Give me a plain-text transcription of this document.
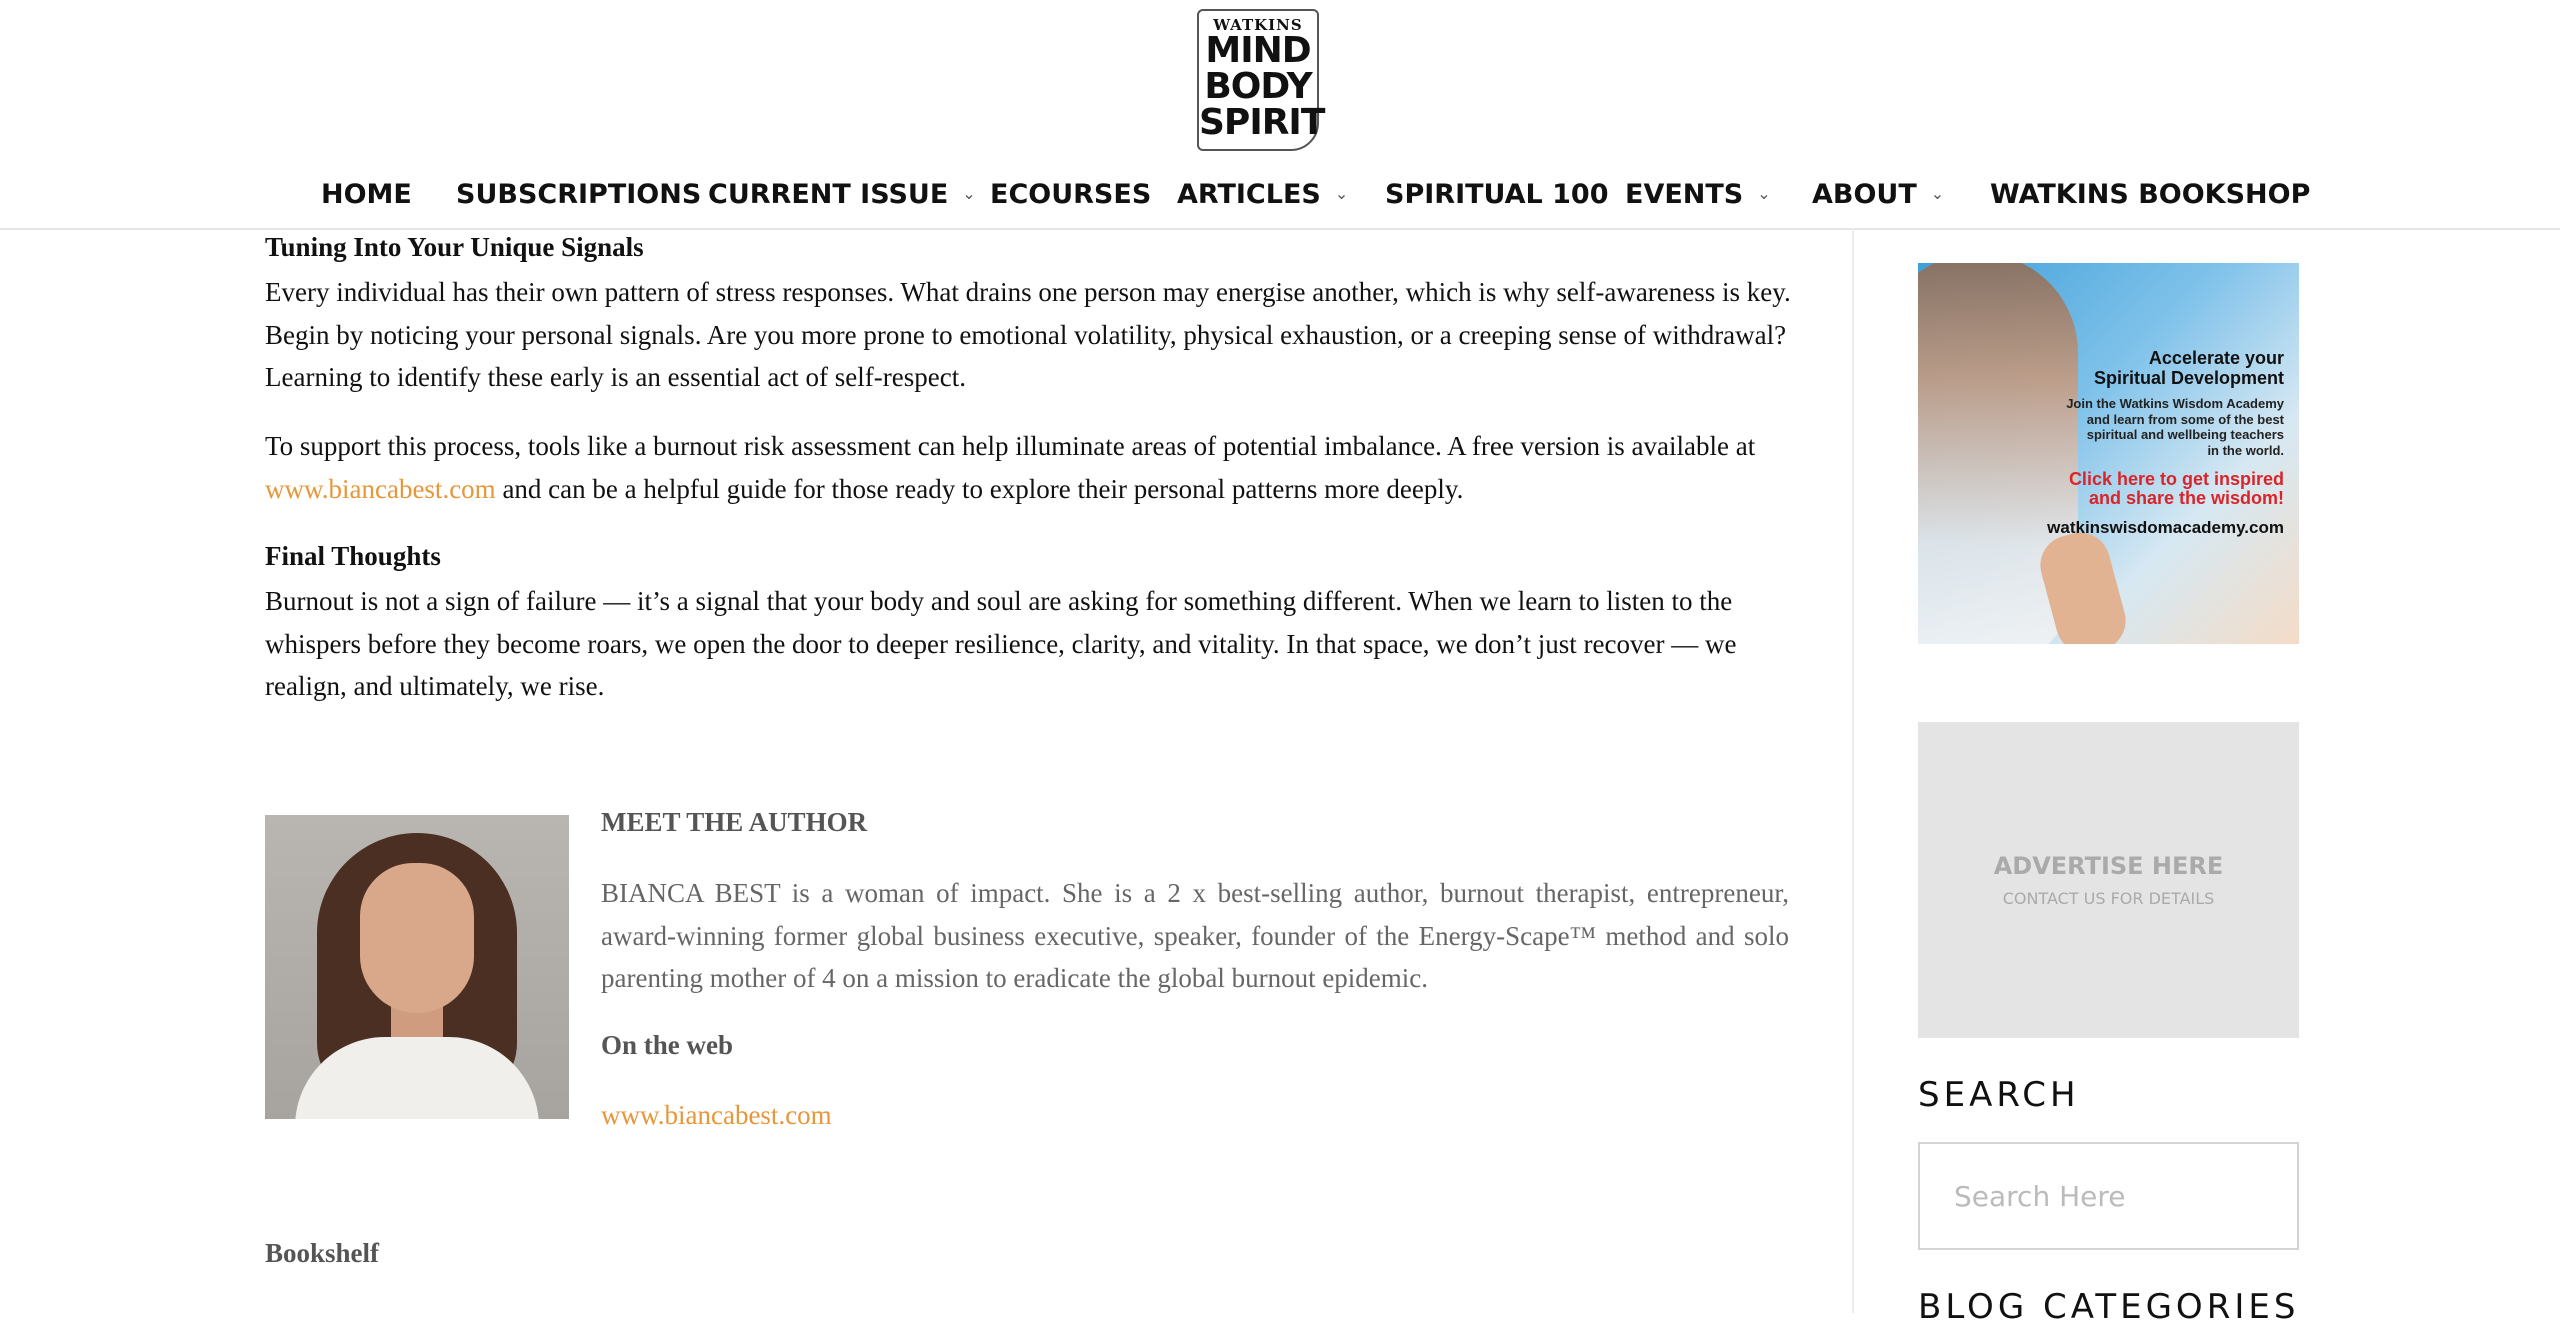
WATKINS
MIND
BODY
SPIRIT
HOME SUBSCRIPTIONS CURRENT ISSUE ⌄ ECOURSES ARTICLES ⌄ SPIRITUAL 100 EVENTS ⌄ ABOUT ⌄ WATKINS BOOKSHOP
Tuning Into Your Unique Signals
Every individual has their own pattern of stress responses. What drains one person may energise another, which is why self-awareness is key. Begin by noticing your personal signals. Are you more prone to emotional volatility, physical exhaustion, or a creeping sense of withdrawal? Learning to identify these early is an essential act of self-respect.
To support this process, tools like a burnout risk assessment can help illuminate areas of potential imbalance. A free version is available at www.biancabest.com and can be a helpful guide for those ready to explore their personal patterns more deeply.
Final Thoughts
Burnout is not a sign of failure — it’s a signal that your body and soul are asking for something different. When we learn to listen to the whispers before they become roars, we open the door to deeper resilience, clarity, and vitality. In that space, we don’t just recover — we realign, and ultimately, we rise.
MEET THE AUTHOR
BIANCA BEST is a woman of impact. She is a 2 x best-selling author, burnout therapist, entrepreneur, award-winning former global business executive, speaker, founder of the Energy-Scape™ method and solo parenting mother of 4 on a mission to eradicate the global burnout epidemic.
On the web
www.biancabest.com
Bookshelf
Accelerate your
Spiritual Development
Join the Watkins Wisdom Academy
and learn from some of the best
spiritual and wellbeing teachers
in the world.
Click here to get inspired
and share the wisdom!
watkinswisdomacademy.com
ADVERTISE HERE
CONTACT US FOR DETAILS
SEARCH
Search Here
BLOG CATEGORIES
